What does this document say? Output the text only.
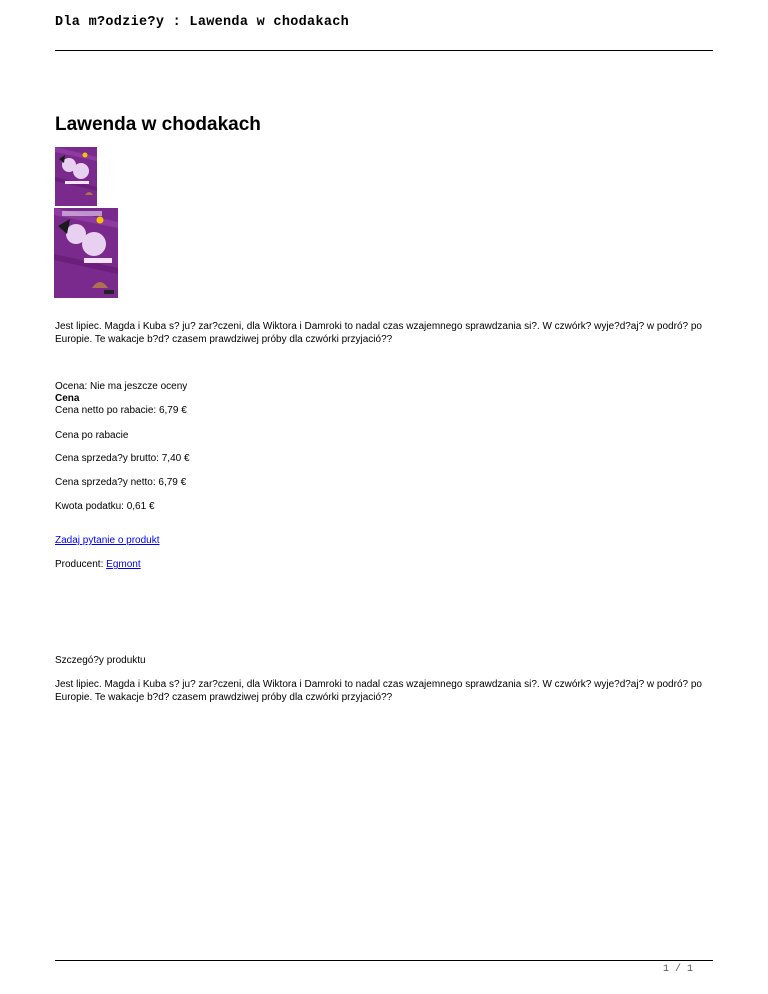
Dla m?odzie?y : Lawenda w chodakach
Lawenda w chodakach

Jest lipiec. Magda i Kuba s? ju? zar?czeni, dla Wiktora i Damroki to nadal czas wzajemnego sprawdzania si?. W czwórk? wyje?d?aj? w podró? po Europie. Te wakacje b?d? czasem prawdziwej próby dla czwórki przyjació??

Ocena: Nie ma jeszcze oceny

Cena

Cena netto po rabacie: 6,79 €

Cena po rabacie

Cena sprzeda?y brutto: 7,40 €

Cena sprzeda?y netto: 6,79 €

Kwota podatku: 0,61 €

Zadaj pytanie o produkt

Producent: Egmont

Szczegó?y produktu

Jest lipiec. Magda i Kuba s? ju? zar?czeni, dla Wiktora i Damroki to nadal czas wzajemnego sprawdzania si?. W czwórk? wyje?d?aj? w podró? po Europie. Te wakacje b?d? czasem prawdziwej próby dla czwórki przyjació??

1 / 1
